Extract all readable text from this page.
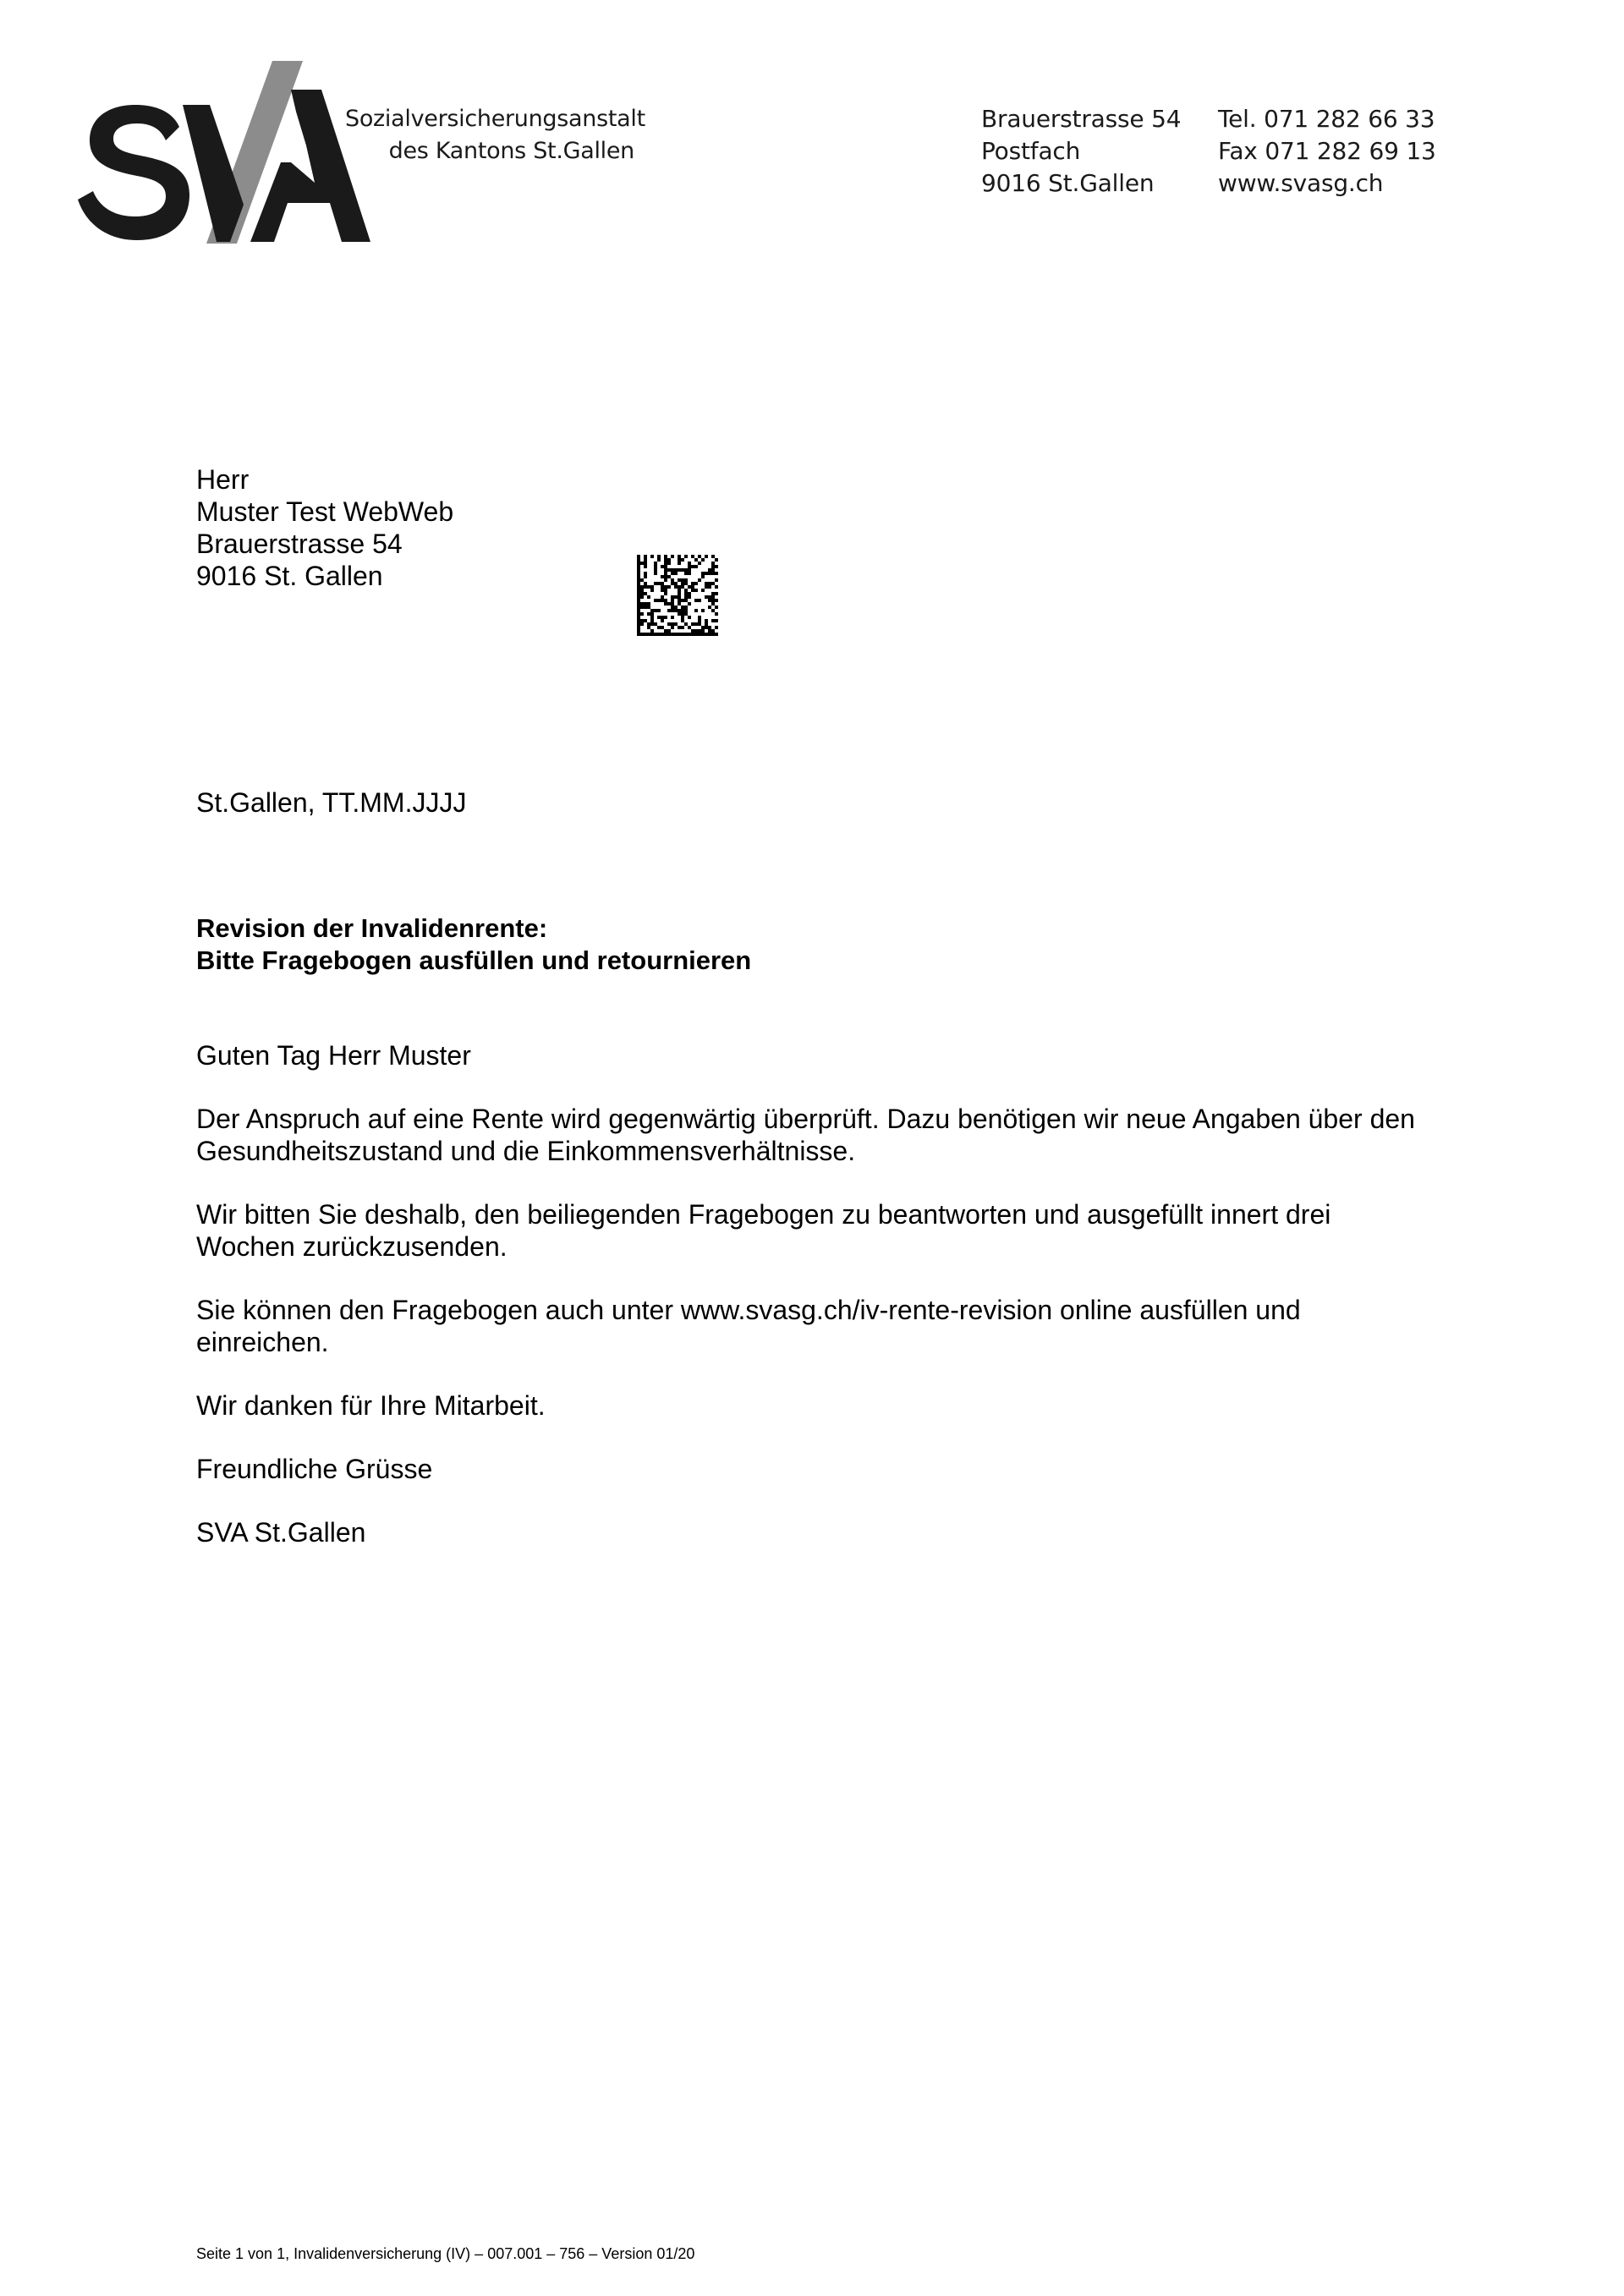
Sozialversicherungsanstalt
des Kantons St.Gallen
Brauerstrasse 54
Postfach
9016 St.Gallen
Tel. 071 282 66 33
Fax 071 282 69 13
www.svasg.ch
Herr
Muster Test WebWeb
Brauerstrasse 54
9016 St. Gallen
St.Gallen, TT.MM.JJJJ
Revision der Invalidenrente:
Bitte Fragebogen ausfüllen und retournieren

Guten Tag Herr Muster

Der Anspruch auf eine Rente wird gegenwärtig überprüft. Dazu benötigen wir neue Angaben über den
Gesundheitszustand und die Einkommensverhältnisse.

Wir bitten Sie deshalb, den beiliegenden Fragebogen zu beantworten und ausgefüllt innert drei
Wochen zurückzusenden.

Sie können den Fragebogen auch unter www.svasg.ch/iv-rente-revision online ausfüllen und
einreichen.

Wir danken für Ihre Mitarbeit.

Freundliche Grüsse

SVA St.Gallen

Seite 1 von 1, Invalidenversicherung (IV) – 007.001 – 756 – Version 01/20
